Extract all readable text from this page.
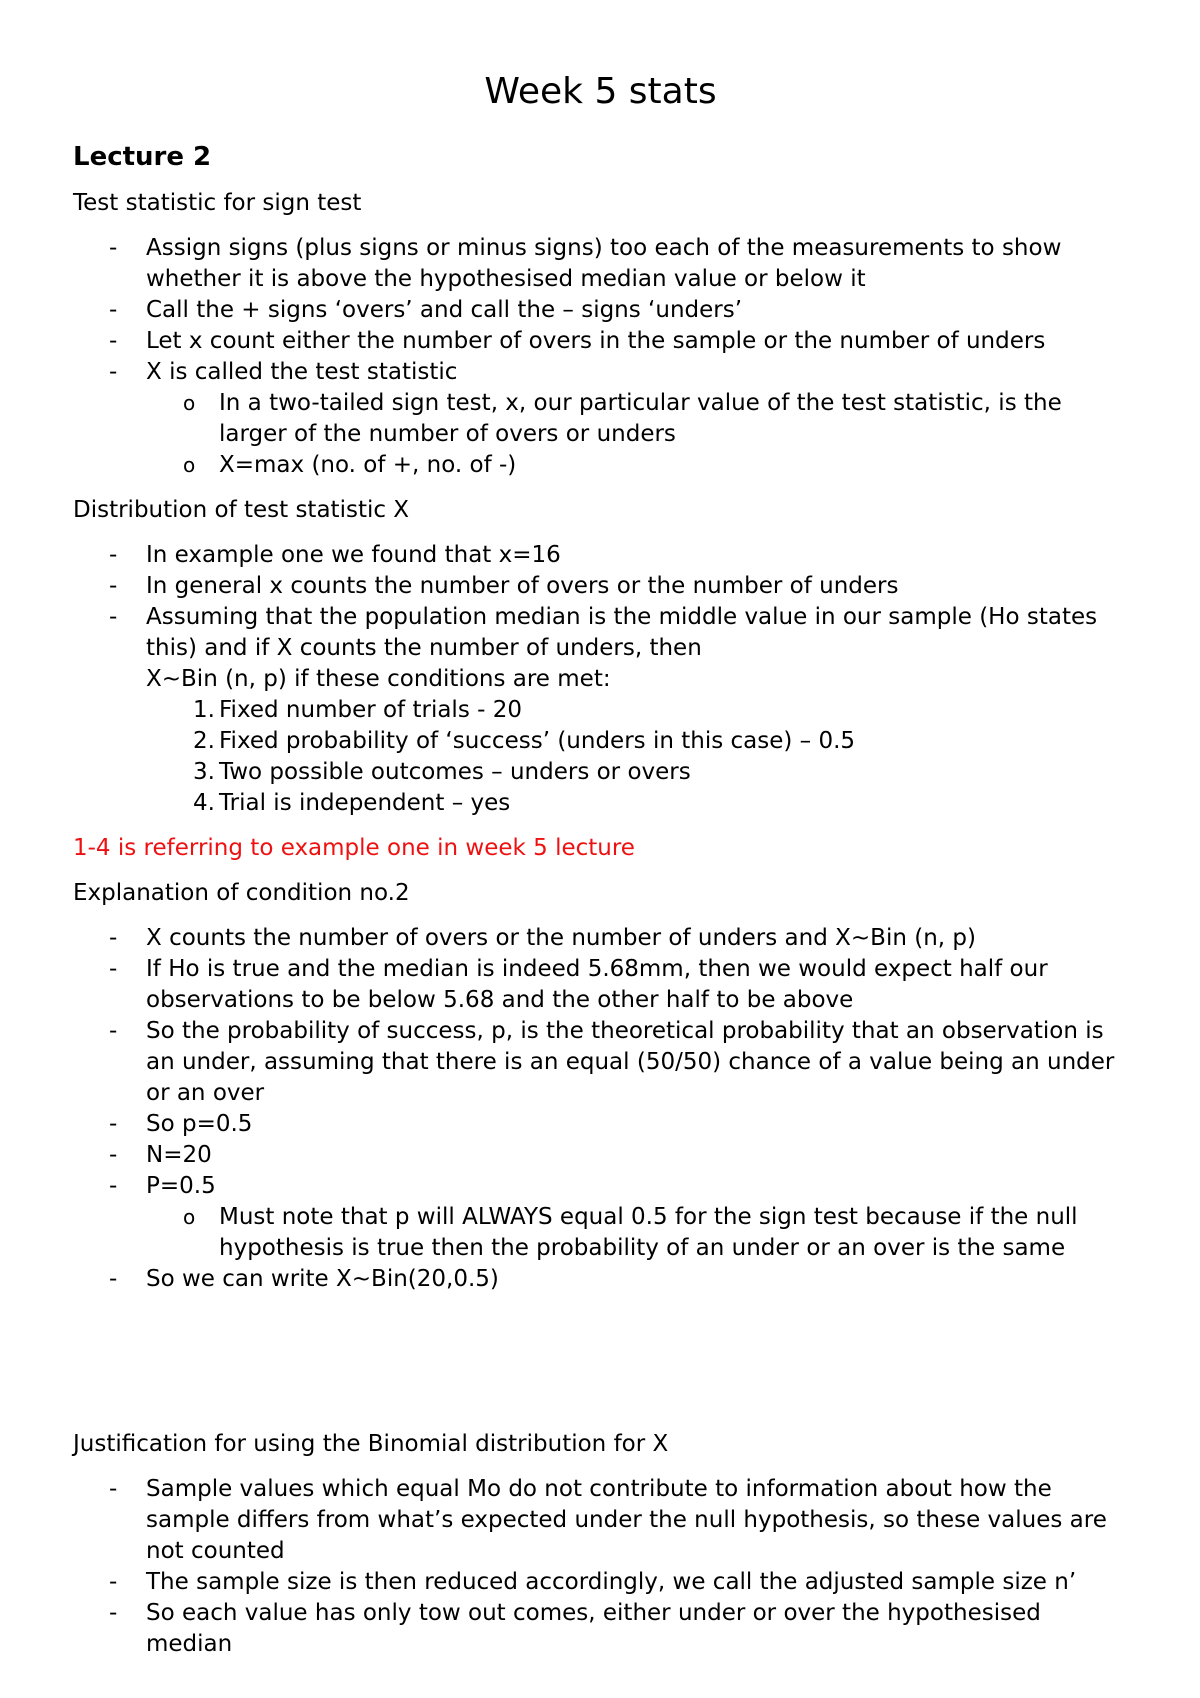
Week 5 stats
Lecture 2
Test statistic for sign test
- Assign signs (plus signs or minus signs) too each of the measurements to show whether it is above the hypothesised median value or below it
- Call the + signs ‘overs’ and call the – signs ‘unders’
- Let x count either the number of overs in the sample or the number of unders
- X is called the test statistic
o	In a two-tailed sign test, x, our particular value of the test statistic, is the larger of the number of overs or unders
o	X=max (no. of +, no. of -)
Distribution of test statistic X
- In example one we found that x=16
- In general x counts the number of overs or the number of unders
- Assuming that the population median is the middle value in our sample (Ho states this) and if X counts the number of unders, then
X~Bin (n, p) if these conditions are met:
1. Fixed number of trials - 20
2. Fixed probability of ‘success’ (unders in this case) – 0.5
3. Two possible outcomes – unders or overs
4. Trial is independent – yes
1-4 is referring to example one in week 5 lecture
Explanation of condition no.2
- X counts the number of overs or the number of unders and X~Bin (n, p)
- If Ho is true and the median is indeed 5.68mm, then we would expect half our observations to be below 5.68 and the other half to be above
- So the probability of success, p, is the theoretical probability that an observation is an under, assuming that there is an equal (50/50) chance of a value being an under or an over
- So p=0.5
- N=20
- P=0.5
o	Must note that p will ALWAYS equal 0.5 for the sign test because if the null hypothesis is true then the probability of an under or an over is the same
- So we can write X~Bin(20,0.5)
Justification for using the Binomial distribution for X
- Sample values which equal Mo do not contribute to information about how the sample differs from what’s expected under the null hypothesis, so these values are not counted
- The sample size is then reduced accordingly, we call the adjusted sample size n’
- So each value has only tow out comes, either under or over the hypothesised median
